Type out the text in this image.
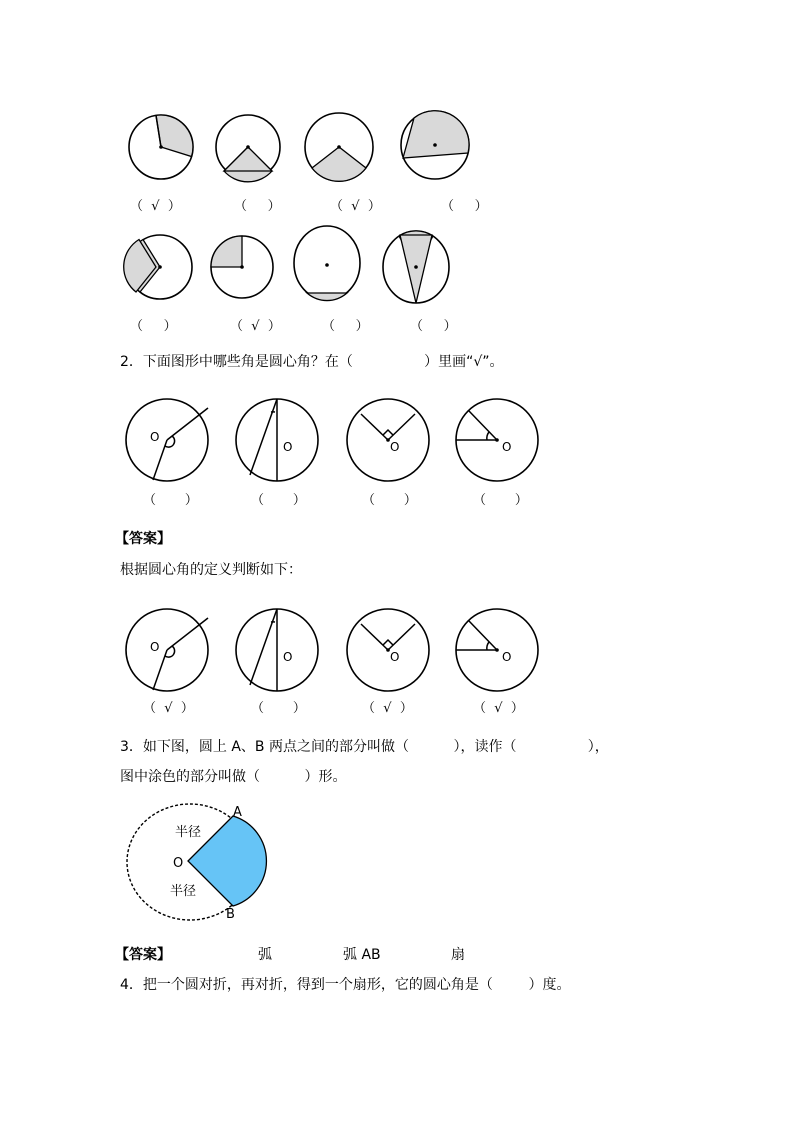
（  √  ）	（     ）	（  √  ）	（     ）
（     ）	（  √  ）	（     ）	（     ）
2．下面图形中哪些角是圆心角？在（                ）里画“√”。
O
O	O	O
（       ）	（       ）	（       ）	（       ）
【答案】
根据圆心角的定义判断如下：
O
O	O	O
（  √  ）	（       ）	（  √  ）	（  √  ）
3．如下图，圆上 A、B 两点之间的部分叫做（          ），读作（                ），
图中涂色的部分叫做（          ）形。
A
B
O
半径
半径
【答案】	弧	弧 AB	扇
4．把一个圆对折，再对折，得到一个扇形，它的圆心角是（        ）度。
